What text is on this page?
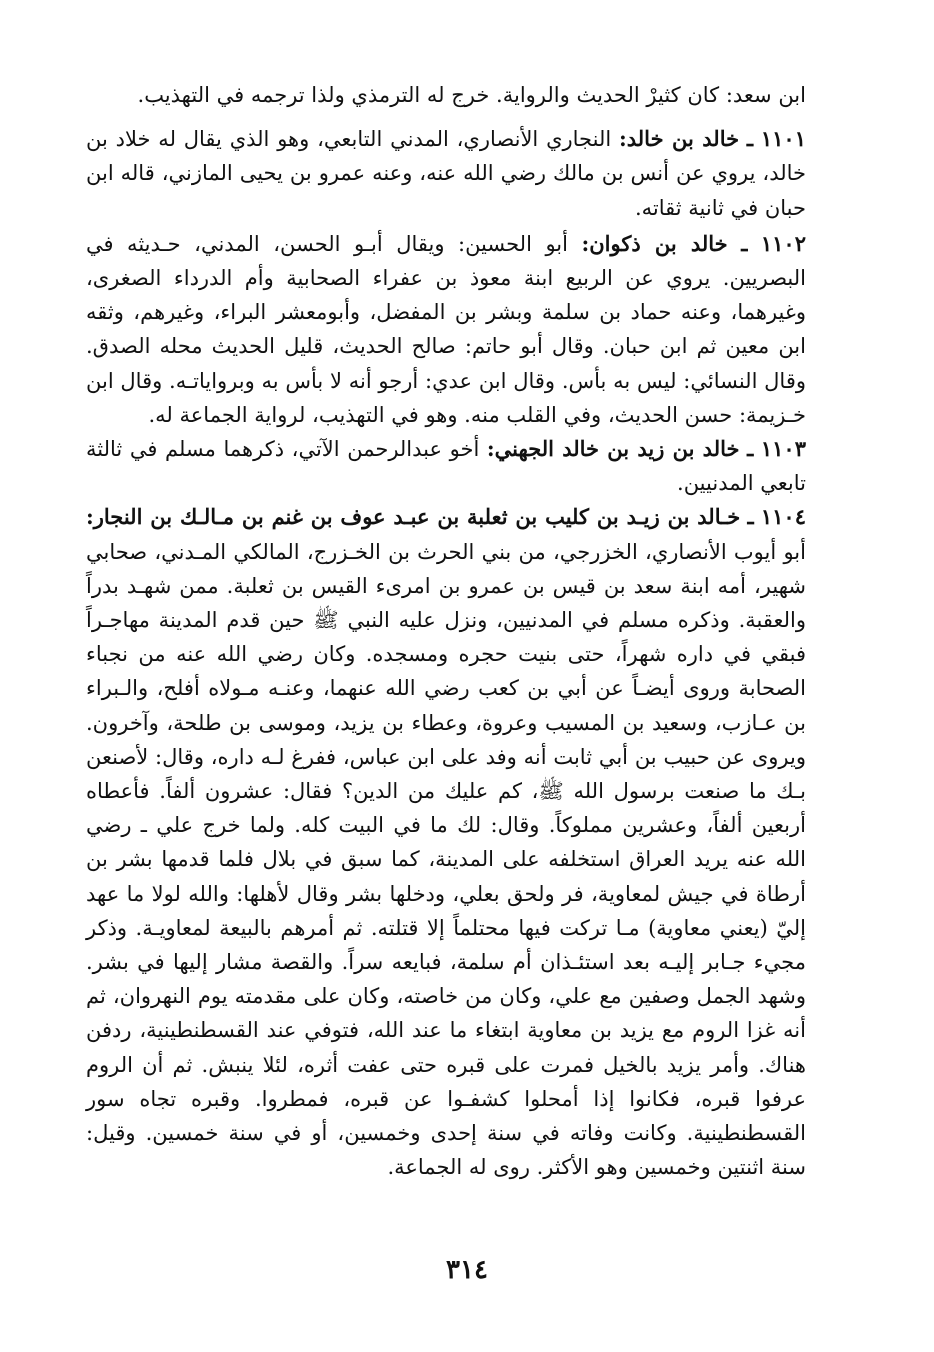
ابن سعد: كان كثيرْ الحديث والرواية. خرج له الترمذي ولذا ترجمه في التهذيب.

١١٠١ ـ خالد بن خالد: النجاري الأنصاري، المدني التابعي، وهو الذي يقال له خلاد بن خالد، يروي عن أنس بن مالك رضي الله عنه، وعنه عمرو بن يحيى المازني، قاله ابن حبان في ثانية ثقاته.

١١٠٢ ـ خالد بن ذكوان: أبو الحسين: ويقال أبـو الحسن، المدني، حـديثه في البصريين. يروي عن الربيع ابنة معوذ بن عفراء الصحابية وأم الدرداء الصغرى، وغيرهما، وعنه حماد بن سلمة وبشر بن المفضل، وأبومعشر البراء، وغيرهم، وثقه ابن معين ثم ابن حبان. وقال أبو حاتم: صالح الحديث، قليل الحديث محله الصدق. وقال النسائي: ليس به بأس. وقال ابن عدي: أرجو أنه لا بأس به وبرواياتـه. وقال ابن خـزيمة: حسن الحديث، وفي القلب منه. وهو في التهذيب، لرواية الجماعة له.

١١٠٣ ـ خالد بن زيد بن خالد الجهني: أخو عبدالرحمن الآتي، ذكرهما مسلم في ثالثة تابعي المدنيين.

١١٠٤ ـ خـالد بن زيـد بن كليب بن ثعلبة بن عبـد عوف بن غنم بن مـالـك بن النجار: أبو أيوب الأنصاري، الخزرجي، من بني الحرث بن الخـزرج، المالكي المـدني، صحابي شهير، أمه ابنة سعد بن قيس بن عمرو بن امرىء القيس بن ثعلبة. ممن شهـد بدراً والعقبة. وذكره مسلم في المدنيين، ونزل عليه النبي ﷺ حين قدم المدينة مهاجـراً فبقي في داره شهراً، حتى بنيت حجره ومسجده. وكان رضي الله عنه من نجباء الصحابة وروى أيضـاً عن أبي بن كعب رضي الله عنهما، وعنـه مـولاه أفلح، والـبراء بن عـازب، وسعيد بن المسيب وعروة، وعطاء بن يزيد، وموسى بن طلحة، وآخرون. ويروى عن حبيب بن أبي ثابت أنه وفد على ابن عباس، ففرغ لـه داره، وقال: لأصنعن بـك ما صنعت برسول الله ﷺ، كم عليك من الدين؟ فقال: عشرون ألفاً. فأعطاه أربعين ألفاً، وعشرين مملوكاً. وقال: لك ما في البيت كله. ولما خرج علي ـ رضي الله عنه يريد العراق استخلفه على المدينة، كما سبق في بلال فلما قدمها بشر بن أرطاة في جيش لمعاوية، فر ولحق بعلي، ودخلها بشر وقال لأهلها: والله لولا ما عهد إليّ (يعني معاوية) مـا تركت فيها محتلماً إلا قتلته. ثم أمرهم بالبيعة لمعاويـة. وذكر مجيء جـابر إليـه بعد استئـذان أم سلمة، فبايعه سراً. والقصة مشار إليها في بشر. وشهد الجمل وصفين مع علي، وكان من خاصته، وكان على مقدمته يوم النهروان، ثم أنه غزا الروم مع يزيد بن معاوية ابتغاء ما عند الله، فتوفي عند القسطنطينية، ردفن هناك. وأمر يزيد بالخيل فمرت على قبره حتى عفت أثره، لئلا ينبش. ثم أن الروم عرفوا قبره، فكانوا إذا أمحلوا كشفـوا عن قبره، فمطروا. وقبره تجاه سور القسطنطينية. وكانت وفاته في سنة إحدى وخمسين، أو في سنة خمسين. وقيل: سنة اثنتين وخمسين وهو الأكثر. روى له الجماعة.

٣١٤
